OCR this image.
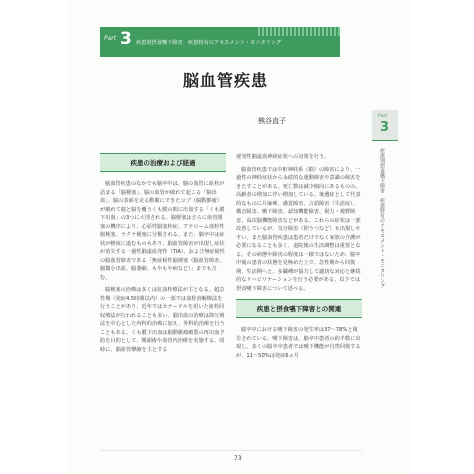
Part 3 疾患別摂食嚥下障害　疾患特有のアセスメント・モニタリング
脳血管疾患
熊谷直子
疾患の治療および経過

脳血管疾患のなかでも脳卒中は、脳の血管に血栓が詰まる「脳梗塞」、脳の血管が破れて起こる「脳出血」、脳の表面を走る動脈にできたコブ（脳動脈瘤）が破れて脳と脳を覆うくも膜の間に出血する「くも膜下出血」の3つに大別される。脳梗塞はさらに血管閉塞の機序により、心原性脳塞栓症、アテローム血栓性脳梗塞、ラクナ梗塞に分類される。また、脳卒中は症状が軽度に進むものもあり、脳血管障害が出現し症状が消失する一過性脳虚血発作（TIA）、および無症候性の脳血管障害である「無症候性脳梗塞（脳血管障害、脳微小出血、脳萎縮、もやもや病など）」までも含む。

脳梗塞の治療は多くは抗血栓療法が主となる。超急性期（発症4.5時間以内）の一部では血栓溶解療法を行うことがあり、近年ではカテーテルを用いた血栓回収療法が行われることも多い。脳出血の治療は降圧療法を中心とした内科的治療に加え、外科的治療を行うこともある。くも膜下出血は脳動脈瘤破裂の再出血予防を目的として、開頭術や血管内治療を実施する。同時に、脳血管攣縮を主とする

遅発性脳虚血神経症状への対策を行う。

脳血管疾患では中枢神経系（脳）の障害により、一過性の神経症状から永続的な運動障害や意識の障害をきたすことがある。死亡数は減少傾向にあるものの、高齢者の増加に伴い増加している。後遺症として代表的なものに片麻痺、感覚障害、言語障害（失語症）、構音障害、嚥下障害、認知機能障害、視力・視野障害、高次脳機能障害などがある。これらの症状は一部改善しているが、気分障害（抑うつなど）も出現しやすい。また脳血管疾患は患者だけでなく家族の介護が必要になることも多く、退院後の生活調整は重要となる。その病態や障害の程度は一様ではないため、脳卒中後の患者の状態を見極めた上で、急性期から回復期、生活期へと、多職種が協力して適切な対応と継続的なリハビリテーションを行う必要がある。以下では摂食嚥下障害について述べる。

疾患と摂食嚥下障害との関連

脳卒中における嚥下障害の発生率は37〜78%と報告されている。嚥下障害は、脳卒中患者の約半数に出現し、多くの脳卒中患者では嚥下機能が自然回復するが、11〜50%は発症6ヵ月

Part
3
疾患別摂食嚥下障害　疾患特有のアセスメント・モニタリング
73
